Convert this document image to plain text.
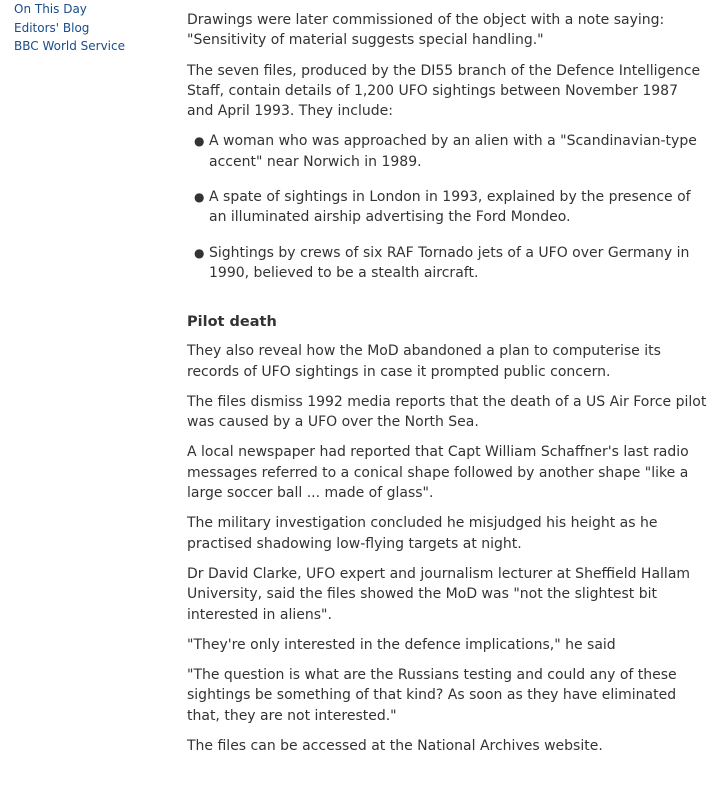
On This Day
Editors' Blog
BBC World Service

Drawings were later commissioned of the object with a note saying: "Sensitivity of material suggests special handling."

The seven files, produced by the DI55 branch of the Defence Intelligence Staff, contain details of 1,200 UFO sightings between November 1987 and April 1993. They include:

● A woman who was approached by an alien with a "Scandinavian-type accent" near Norwich in 1989.
● A spate of sightings in London in 1993, explained by the presence of an illuminated airship advertising the Ford Mondeo.
● Sightings by crews of six RAF Tornado jets of a UFO over Germany in 1990, believed to be a stealth aircraft.
Pilot death

They also reveal how the MoD abandoned a plan to computerise its records of UFO sightings in case it prompted public concern.

The files dismiss 1992 media reports that the death of a US Air Force pilot was caused by a UFO over the North Sea.

A local newspaper had reported that Capt William Schaffner's last radio messages referred to a conical shape followed by another shape "like a large soccer ball ... made of glass".

The military investigation concluded he misjudged his height as he practised shadowing low-flying targets at night.

Dr David Clarke, UFO expert and journalism lecturer at Sheffield Hallam University, said the files showed the MoD was "not the slightest bit interested in aliens".

"They're only interested in the defence implications," he said

"The question is what are the Russians testing and could any of these sightings be something of that kind? As soon as they have eliminated that, they are not interested."

The files can be accessed at the National Archives website.
